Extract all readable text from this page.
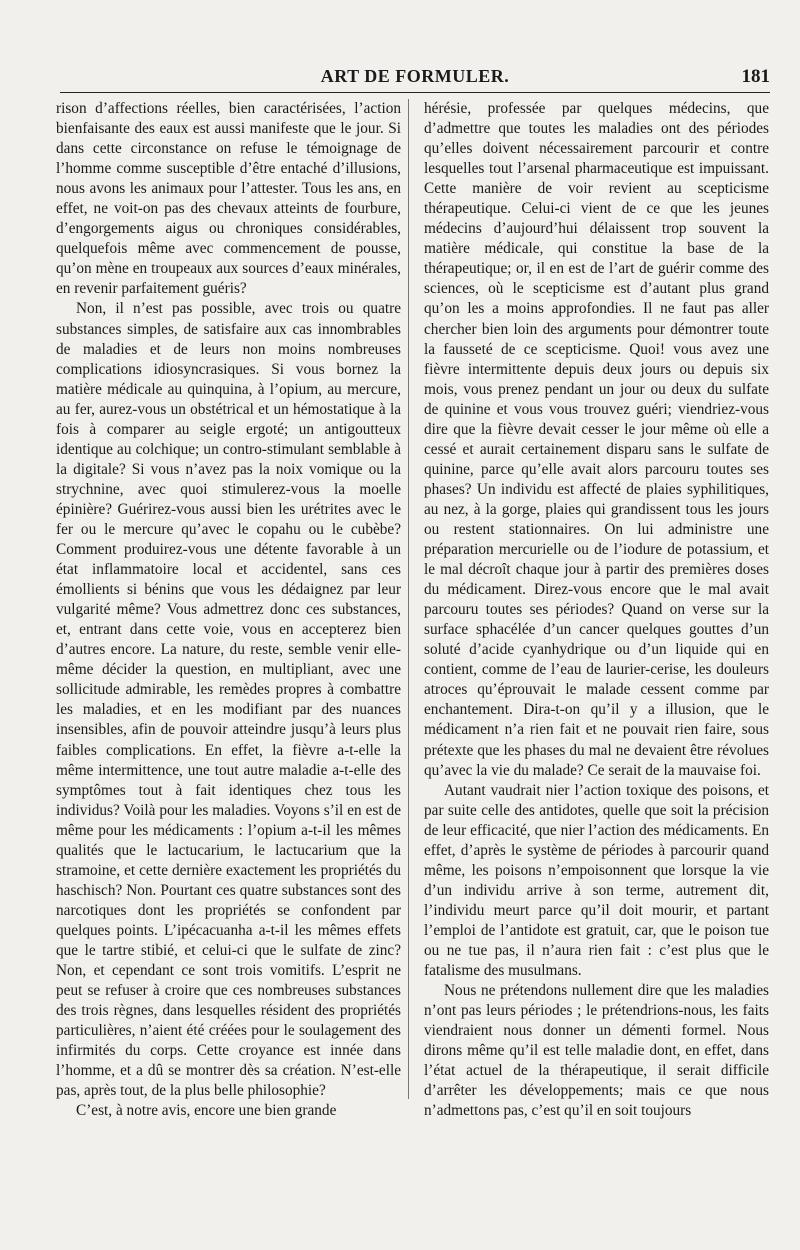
ART DE FORMULER.	181

rison d’affections réelles, bien caractérisées, l’action bienfaisante des eaux est aussi manifeste que le jour. Si dans cette circonstance on refuse le témoignage de l’homme comme susceptible d’être entaché d’illusions, nous avons les animaux pour l’attester. Tous les ans, en effet, ne voit-on pas des chevaux atteints de fourbure, d’engorgements aigus ou chroniques considérables, quelquefois même avec commencement de pousse, qu’on mène en troupeaux aux sources d’eaux minérales, en revenir parfaitement guéris?

Non, il n’est pas possible, avec trois ou quatre substances simples, de satisfaire aux cas innombrables de maladies et de leurs non moins nombreuses complications idiosyncrasiques. Si vous bornez la matière médicale au quinquina, à l’opium, au mercure, au fer, aurez-vous un obstétrical et un hémostatique à la fois à comparer au seigle ergoté; un antigoutteux identique au colchique; un contro-stimulant semblable à la digitale? Si vous n’avez pas la noix vomique ou la strychnine, avec quoi stimulerez-vous la moelle épinière? Guérirez-vous aussi bien les urétrites avec le fer ou le mercure qu’avec le copahu ou le cubèbe? Comment produirez-vous une détente favorable à un état inflammatoire local et accidentel, sans ces émollients si bénins que vous les dédaignez par leur vulgarité même? Vous admettrez donc ces substances, et, entrant dans cette voie, vous en accepterez bien d’autres encore. La nature, du reste, semble venir elle-même décider la question, en multipliant, avec une sollicitude admirable, les remèdes propres à combattre les maladies, et en les modifiant par des nuances insensibles, afin de pouvoir atteindre jusqu’à leurs plus faibles complications. En effet, la fièvre a-t-elle la même intermittence, une tout autre maladie a-t-elle des symptômes tout à fait identiques chez tous les individus? Voilà pour les maladies. Voyons s’il en est de même pour les médicaments : l’opium a-t-il les mêmes qualités que le lactucarium, le lactucarium que la stramoine, et cette dernière exactement les propriétés du haschisch? Non. Pourtant ces quatre substances sont des narcotiques dont les propriétés se confondent par quelques points. L’ipécacuanha a-t-il les mêmes effets que le tartre stibié, et celui-ci que le sulfate de zinc? Non, et cependant ce sont trois vomitifs. L’esprit ne peut se refuser à croire que ces nombreuses substances des trois règnes, dans lesquelles résident des propriétés particulières, n’aient été créées pour le soulagement des infirmités du corps. Cette croyance est innée dans l’homme, et a dû se montrer dès sa création. N’est-elle pas, après tout, de la plus belle philosophie?

C’est, à notre avis, encore une bien grande

hérésie, professée par quelques médecins, que d’admettre que toutes les maladies ont des périodes qu’elles doivent nécessairement parcourir et contre lesquelles tout l’arsenal pharmaceutique est impuissant. Cette manière de voir revient au scepticisme thérapeutique. Celui-ci vient de ce que les jeunes médecins d’aujourd’hui délaissent trop souvent la matière médicale, qui constitue la base de la thérapeutique; or, il en est de l’art de guérir comme des sciences, où le scepticisme est d’autant plus grand qu’on les a moins approfondies. Il ne faut pas aller chercher bien loin des arguments pour démontrer toute la fausseté de ce scepticisme. Quoi! vous avez une fièvre intermittente depuis deux jours ou depuis six mois, vous prenez pendant un jour ou deux du sulfate de quinine et vous vous trouvez guéri; viendriez-vous dire que la fièvre devait cesser le jour même où elle a cessé et aurait certainement disparu sans le sulfate de quinine, parce qu’elle avait alors parcouru toutes ses phases? Un individu est affecté de plaies syphilitiques, au nez, à la gorge, plaies qui grandissent tous les jours ou restent stationnaires. On lui administre une préparation mercurielle ou de l’iodure de potassium, et le mal décroît chaque jour à partir des premières doses du médicament. Direz-vous encore que le mal avait parcouru toutes ses périodes? Quand on verse sur la surface sphacélée d’un cancer quelques gouttes d’un soluté d’acide cyanhydrique ou d’un liquide qui en contient, comme de l’eau de laurier-cerise, les douleurs atroces qu’éprouvait le malade cessent comme par enchantement. Dira-t-on qu’il y a illusion, que le médicament n’a rien fait et ne pouvait rien faire, sous prétexte que les phases du mal ne devaient être révolues qu’avec la vie du malade? Ce serait de la mauvaise foi.

Autant vaudrait nier l’action toxique des poisons, et par suite celle des antidotes, quelle que soit la précision de leur efficacité, que nier l’action des médicaments. En effet, d’après le système de périodes à parcourir quand même, les poisons n’empoisonnent que lorsque la vie d’un individu arrive à son terme, autrement dit, l’individu meurt parce qu’il doit mourir, et partant l’emploi de l’antidote est gratuit, car, que le poison tue ou ne tue pas, il n’aura rien fait : c’est plus que le fatalisme des musulmans.

Nous ne prétendons nullement dire que les maladies n’ont pas leurs périodes ; le prétendrions-nous, les faits viendraient nous donner un démenti formel. Nous dirons même qu’il est telle maladie dont, en effet, dans l’état actuel de la thérapeutique, il serait difficile d’arrêter les développements; mais ce que nous n’admettons pas, c’est qu’il en soit toujours
